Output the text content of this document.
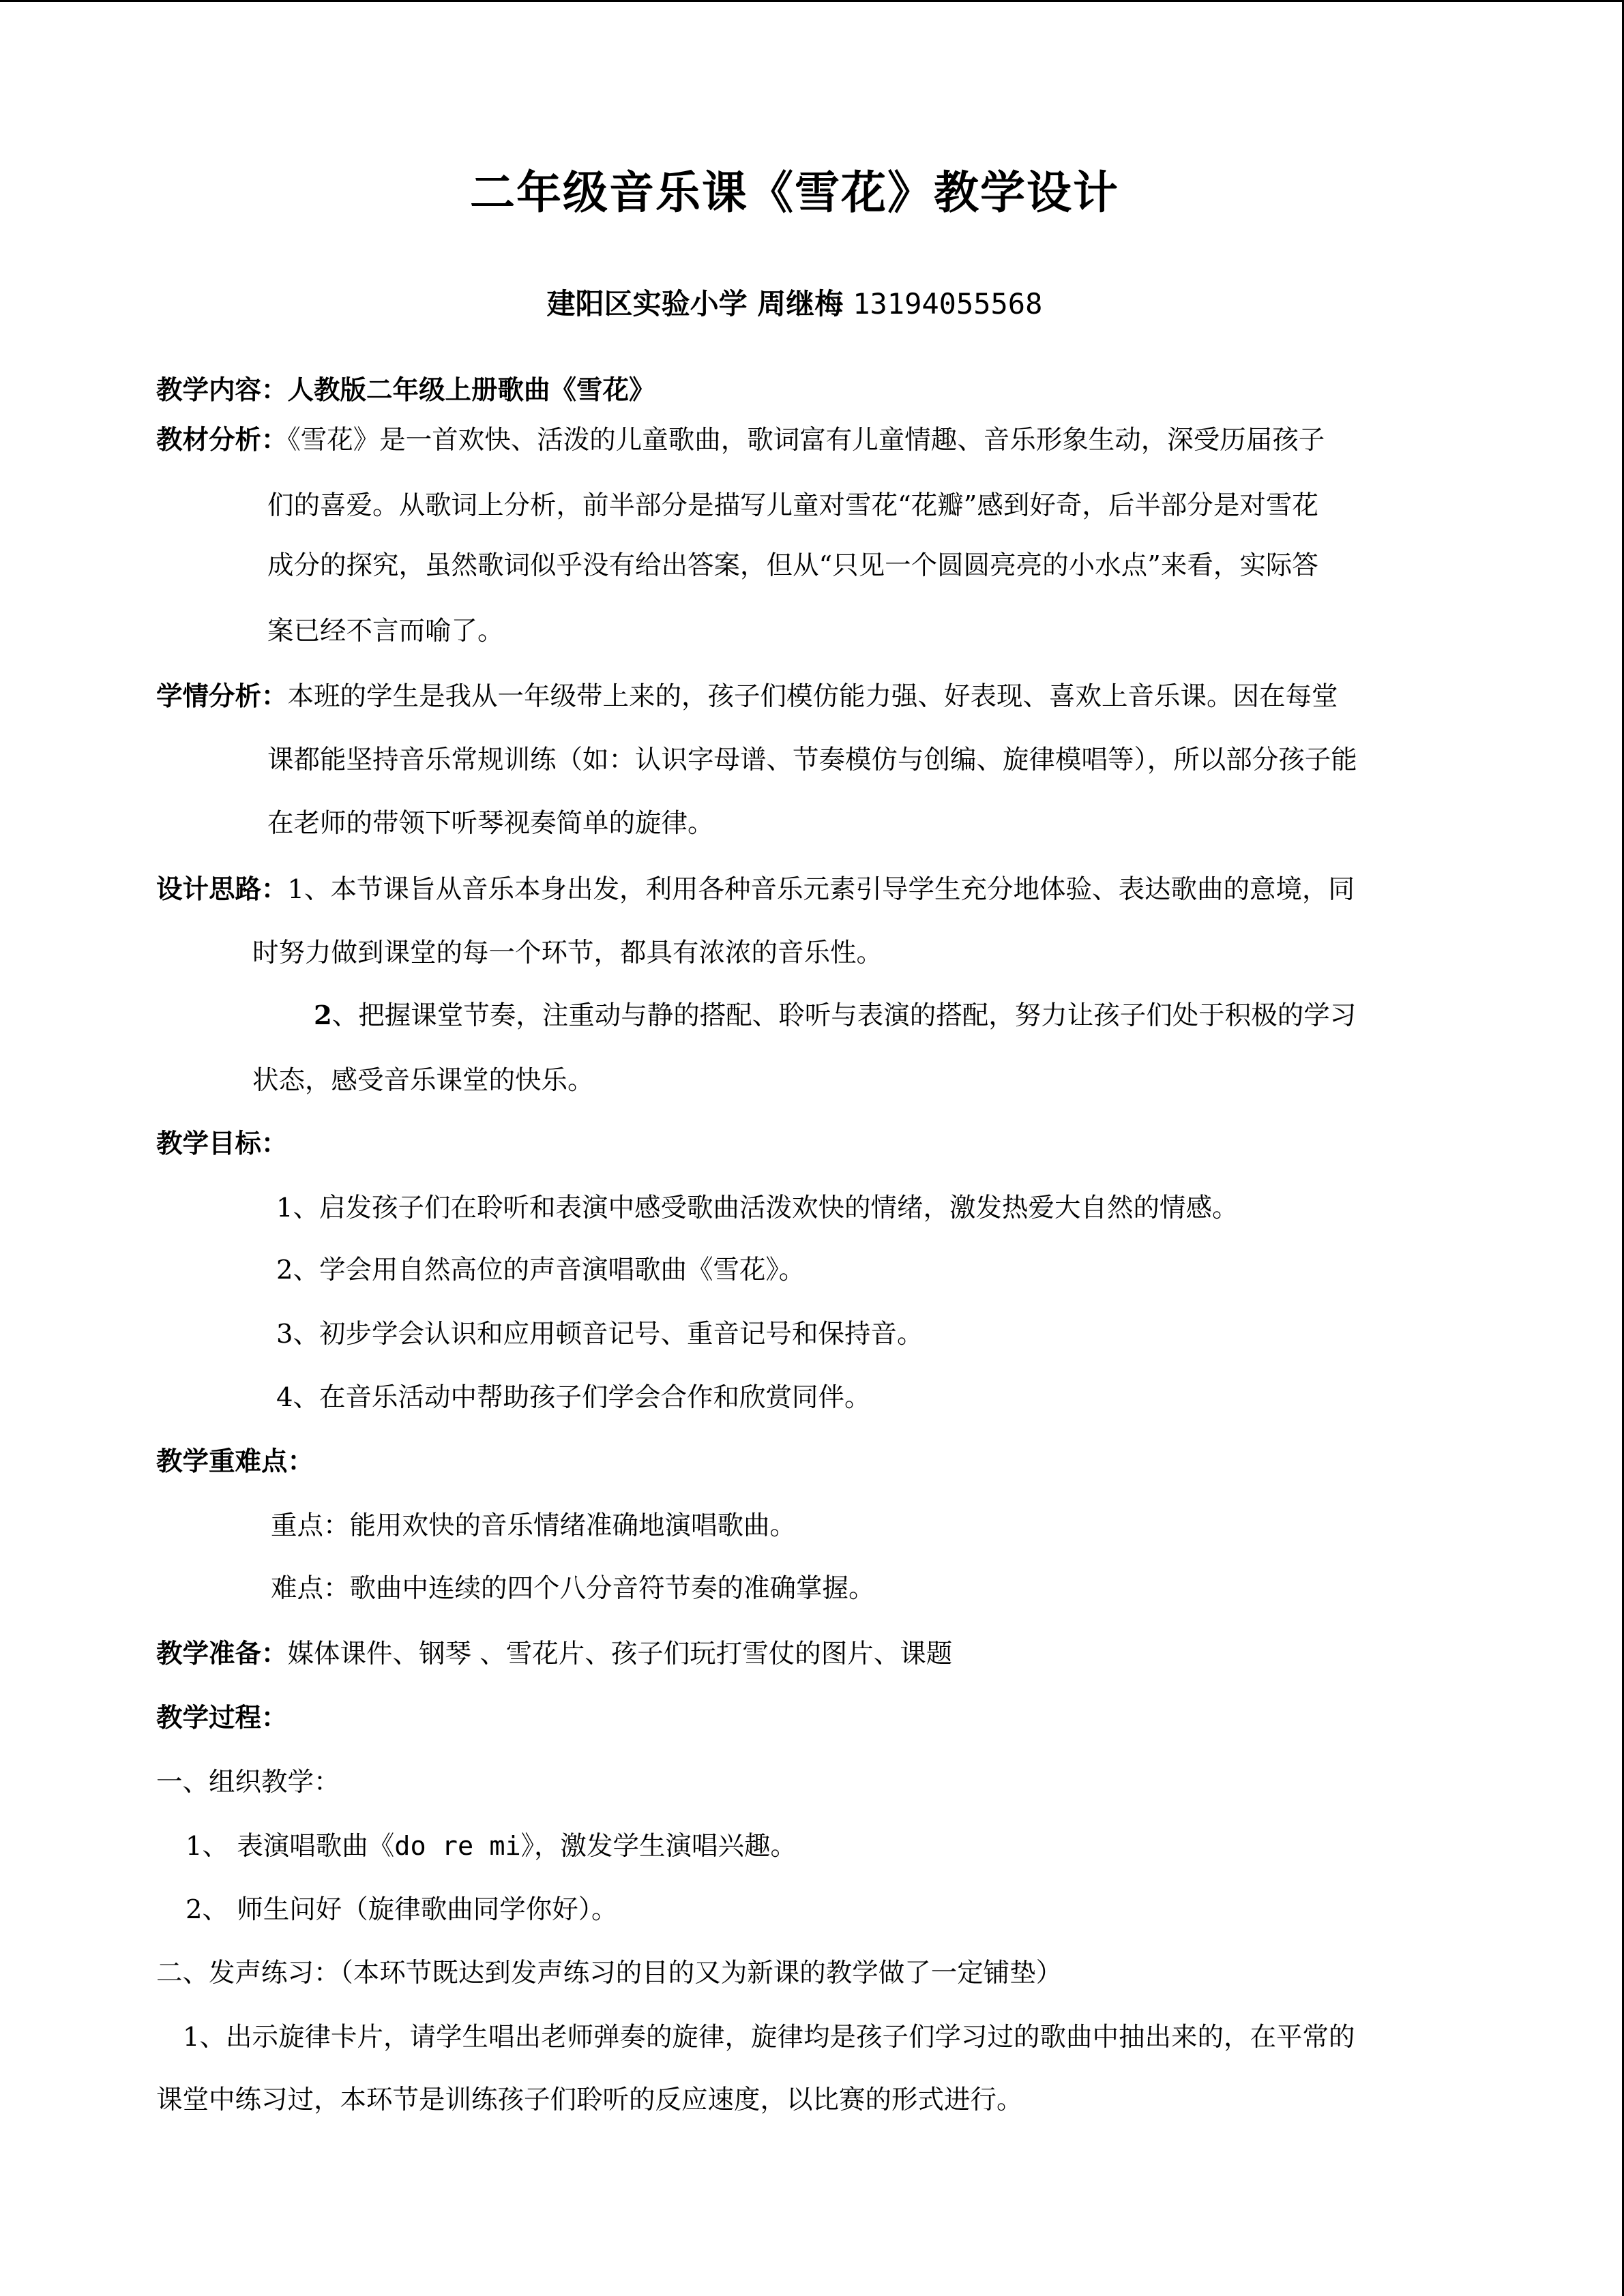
二年级音乐课《雪花》教学设计
建阳区实验小学 周继梅 13194055568
教学内容：人教版二年级上册歌曲《雪花》
教材分析：《雪花》是一首欢快、活泼的儿童歌曲，歌词富有儿童情趣、音乐形象生动，深受历届孩子
们的喜爱。从歌词上分析，前半部分是描写儿童对雪花“花瓣”感到好奇，后半部分是对雪花
成分的探究，虽然歌词似乎没有给出答案，但从“只见一个圆圆亮亮的小水点”来看，实际答
案已经不言而喻了。
学情分析：本班的学生是我从一年级带上来的，孩子们模仿能力强、好表现、喜欢上音乐课。因在每堂
课都能坚持音乐常规训练（如：认识字母谱、节奏模仿与创编、旋律模唱等），所以部分孩子能
在老师的带领下听琴视奏简单的旋律。
设计思路：1、本节课旨从音乐本身出发，利用各种音乐元素引导学生充分地体验、表达歌曲的意境，同
时努力做到课堂的每一个环节，都具有浓浓的音乐性。
2、把握课堂节奏，注重动与静的搭配、聆听与表演的搭配，努力让孩子们处于积极的学习
状态，感受音乐课堂的快乐。
教学目标：
1、启发孩子们在聆听和表演中感受歌曲活泼欢快的情绪，激发热爱大自然的情感。
2、学会用自然高位的声音演唱歌曲《雪花》。
3、初步学会认识和应用顿音记号、重音记号和保持音。
4、在音乐活动中帮助孩子们学会合作和欣赏同伴。
教学重难点：
重点：能用欢快的音乐情绪准确地演唱歌曲。
难点：歌曲中连续的四个八分音符节奏的准确掌握。
教学准备：媒体课件、钢琴 、雪花片、孩子们玩打雪仗的图片、课题
教学过程：
一、组织教学：
1、 表演唱歌曲《do re mi》，激发学生演唱兴趣。
2、 师生问好（旋律歌曲同学你好）。
二、发声练习：（本环节既达到发声练习的目的又为新课的教学做了一定铺垫）
1、出示旋律卡片，请学生唱出老师弹奏的旋律，旋律均是孩子们学习过的歌曲中抽出来的，在平常的
课堂中练习过，本环节是训练孩子们聆听的反应速度，以比赛的形式进行。
